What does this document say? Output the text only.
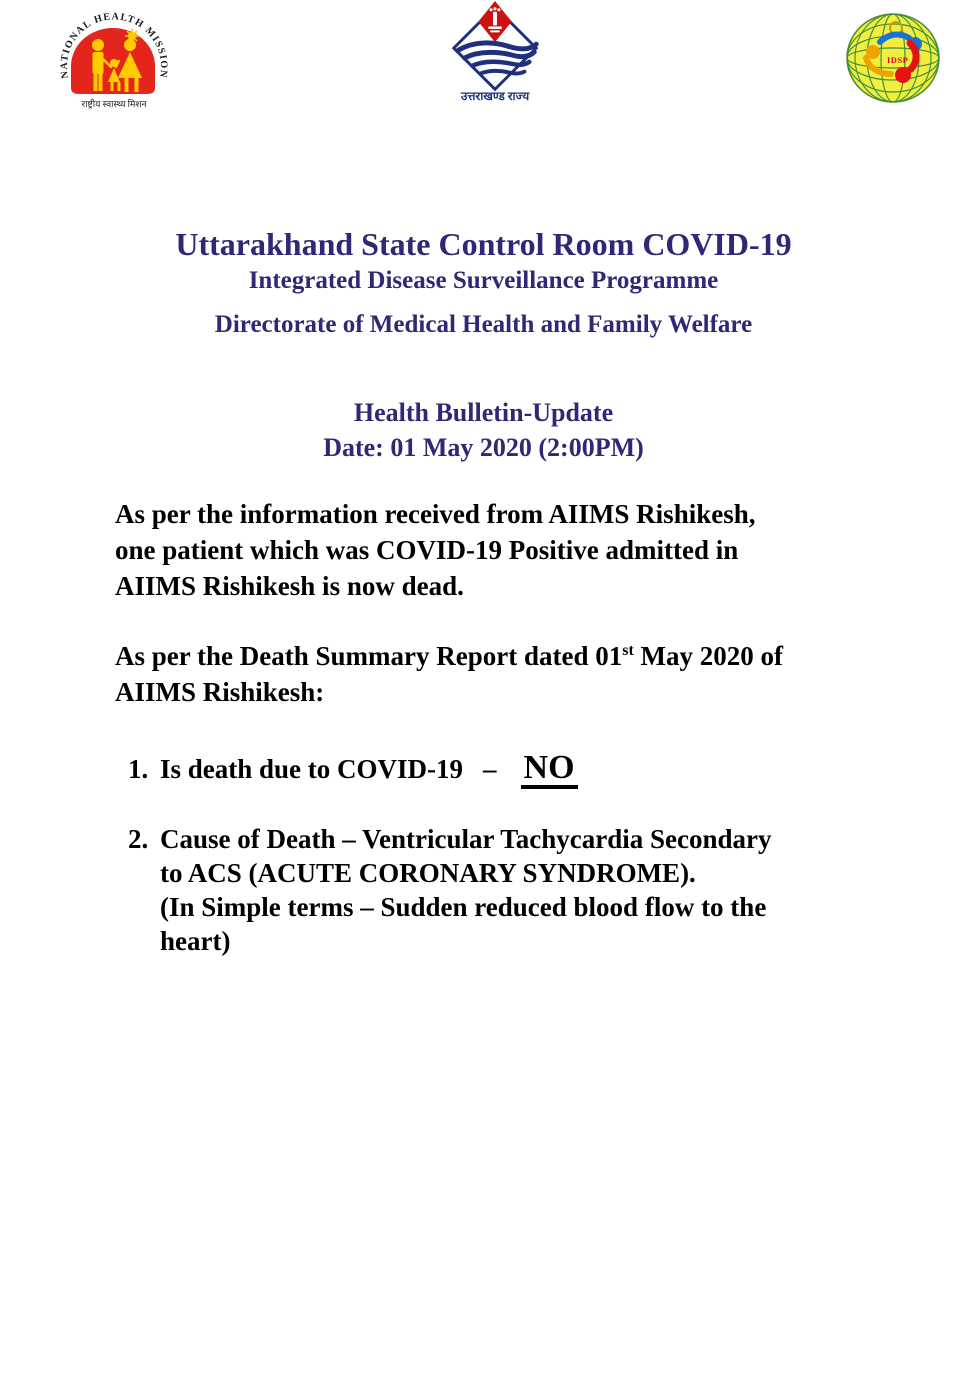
NATIONAL HEALTH MISSION
राष्ट्रीय स्वास्थ्य मिशन
उत्तराखण्ड राज्य
IDSP
Uttarakhand State Control Room COVID-19
Integrated Disease Surveillance Programme
Directorate of Medical Health and Family Welfare
Health Bulletin-Update
Date: 01 May 2020 (2:00PM)
As per the information received from AIIMS Rishikesh,
one patient which was COVID-19 Positive admitted in
AIIMS Rishikesh is now dead.
As per the Death Summary Report dated 01st May 2020 of
AIIMS Rishikesh:
1. Is death due to COVID-19 – NO
2. Cause of Death – Ventricular Tachycardia Secondary
to ACS (ACUTE CORONARY SYNDROME).
(In Simple terms – Sudden reduced blood flow to the
heart)
